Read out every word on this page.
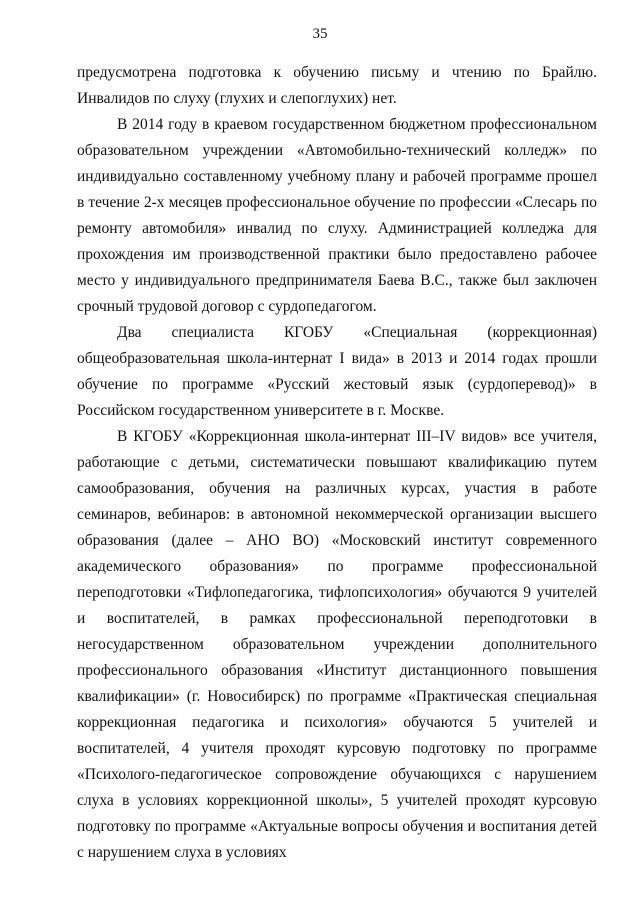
35

предусмотрена подготовка к обучению письму и чтению по Брайлю. Инвалидов по слуху (глухих и слепоглухих) нет.

В 2014 году в краевом государственном бюджетном профессиональном образовательном учреждении «Автомобильно-технический колледж» по индивидуально составленному учебному плану и рабочей программе прошел в течение 2-х месяцев профессиональное обучение по профессии «Слесарь по ремонту автомобиля» инвалид по слуху. Администрацией колледжа для прохождения им производственной практики было предоставлено рабочее место у индивидуального предпринимателя Баева В.С., также был заключен срочный трудовой договор с сурдопедагогом.

Два специалиста КГОБУ «Специальная (коррекционная) общеобразовательная школа-интернат I вида» в 2013 и 2014 годах прошли обучение по программе «Русский жестовый язык (сурдоперевод)» в Российском государственном университете в г. Москве.

В КГОБУ «Коррекционная школа-интернат III–IV видов» все учителя, работающие с детьми, систематически повышают квалификацию путем самообразования, обучения на различных курсах, участия в работе семинаров, вебинаров: в автономной некоммерческой организации высшего образования (далее – АНО ВО) «Московский институт современного академического образования» по программе профессиональной переподготовки «Тифлопедагогика, тифлопсихология» обучаются 9 учителей и воспитателей, в рамках профессиональной переподготовки в негосударственном образовательном учреждении дополнительного профессионального образования «Институт дистанционного повышения квалификации» (г. Новосибирск) по программе «Практическая специальная коррекционная педагогика и психология» обучаются 5 учителей и воспитателей, 4 учителя проходят курсовую подготовку по программе «Психолого-педагогическое сопровождение обучающихся с нарушением слуха в условиях коррекционной школы», 5 учителей проходят курсовую подготовку по программе «Актуальные вопросы обучения и воспитания детей с нарушением слуха в условиях
